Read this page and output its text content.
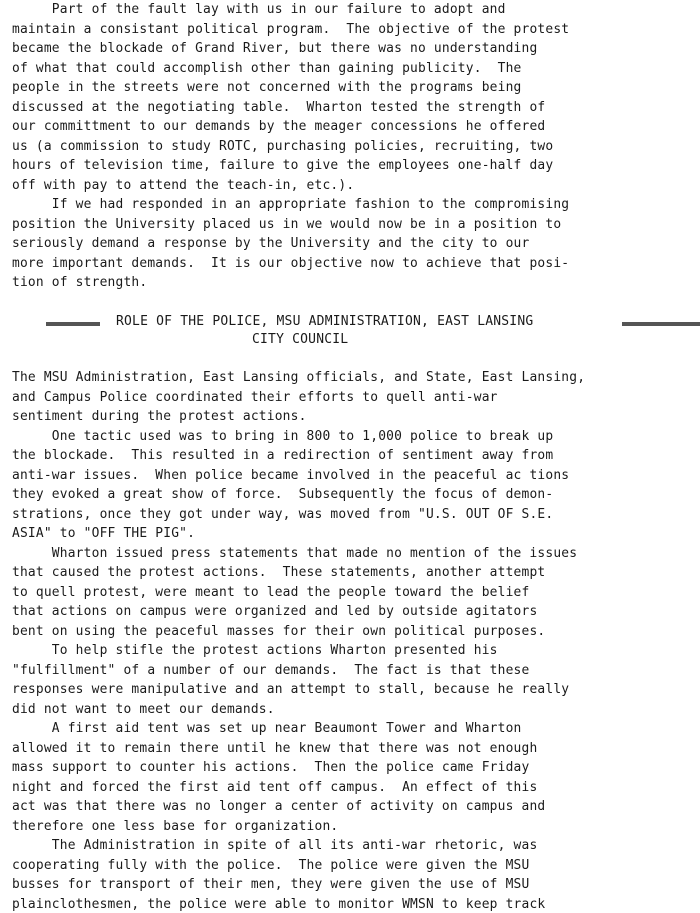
Part of the fault lay with us in our failure to adopt and
maintain a consistant political program.  The objective of the protest
became the blockade of Grand River, but there was no understanding
of what that could accomplish other than gaining publicity.  The
people in the streets were not concerned with the programs being
discussed at the negotiating table.  Wharton tested the strength of
our committment to our demands by the meager concessions he offered
us (a commission to study ROTC, purchasing policies, recruiting, two
hours of television time, failure to give the employees one-half day
off with pay to attend the teach-in, etc.).
If we had responded in an appropriate fashion to the compromising
position the University placed us in we would now be in a position to
seriously demand a response by the University and the city to our
more important demands.  It is our objective now to achieve that posi-
tion of strength.
ROLE OF THE POLICE, MSU ADMINISTRATION, EAST LANSING
CITY COUNCIL
The MSU Administration, East Lansing officials, and State, East Lansing,
and Campus Police coordinated their efforts to quell anti-war
sentiment during the protest actions.
One tactic used was to bring in 800 to 1,000 police to break up
the blockade.  This resulted in a redirection of sentiment away from
anti-war issues.  When police became involved in the peaceful ac tions
they evoked a great show of force.  Subsequently the focus of demon-
strations, once they got under way, was moved from "U.S. OUT OF S.E.
ASIA" to "OFF THE PIG".
Wharton issued press statements that made no mention of the issues
that caused the protest actions.  These statements, another attempt
to quell protest, were meant to lead the people toward the belief
that actions on campus were organized and led by outside agitators
bent on using the peaceful masses for their own political purposes.
To help stifle the protest actions Wharton presented his
"fulfillment" of a number of our demands.  The fact is that these
responses were manipulative and an attempt to stall, because he really
did not want to meet our demands.
A first aid tent was set up near Beaumont Tower and Wharton
allowed it to remain there until he knew that there was not enough
mass support to counter his actions.  Then the police came Friday
night and forced the first aid tent off campus.  An effect of this
act was that there was no longer a center of activity on campus and
therefore one less base for organization.
The Administration in spite of all its anti-war rhetoric, was
cooperating fully with the police.  The police were given the MSU
busses for transport of their men, they were given the use of MSU
plainclothesmen, the police were able to monitor WMSN to keep track
